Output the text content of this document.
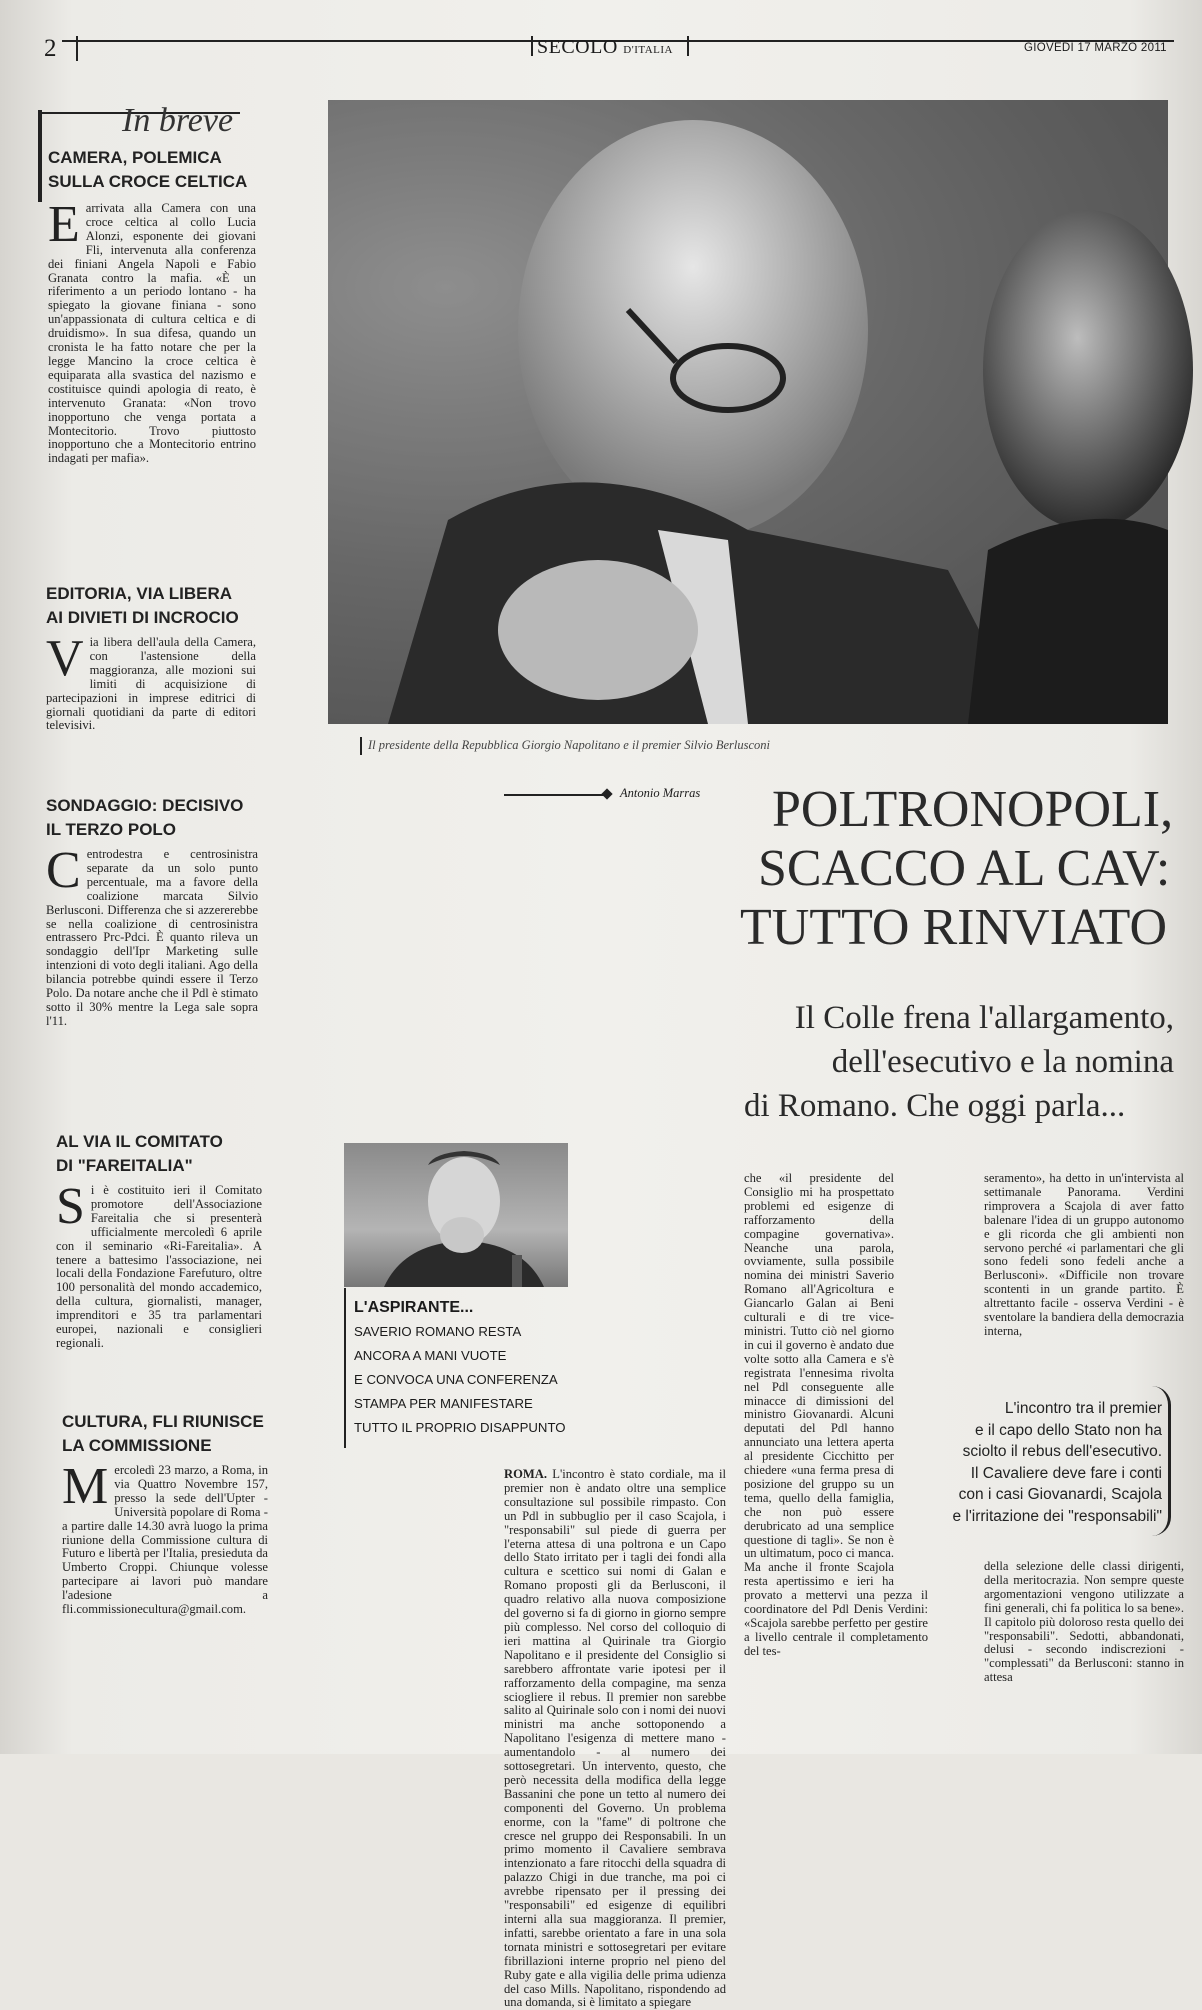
2	SECOLO D'ITALIA	GIOVEDÌ 17 MARZO 2011
In breve

CAMERA, POLEMICA
SULLA CROCE CELTICA

Earrivata alla Camera con una croce celtica al collo Lucia Alonzi, esponente dei giovani Fli, intervenuta alla conferenza dei finiani Angela Napoli e Fabio Granata contro la mafia. «È un riferimento a un periodo lontano - ha spiegato la giovane finiana - sono un'appassionata di cultura celtica e di druidismo». In sua difesa, quando un cronista le ha fatto notare che per la legge Mancino la croce celtica è equiparata alla svastica del nazismo e costituisce quindi apologia di reato, è intervenuto Granata: «Non trovo inopportuno che venga portata a Montecitorio. Trovo piuttosto inopportuno che a Montecitorio entrino indagati per mafia».

EDITORIA, VIA LIBERA
AI DIVIETI DI INCROCIO

Via libera dell'aula della Camera, con l'astensione della maggioranza, alle mozioni sui limiti di acquisizione di partecipazioni in imprese editrici di giornali quotidiani da parte di editori televisivi.

SONDAGGIO: DECISIVO
IL TERZO POLO

Centrodestra e centrosinistra separate da un solo punto percentuale, ma a favore della coalizione marcata Silvio Berlusconi. Differenza che si azzererebbe se nella coalizione di centrosinistra entrassero Prc-Pdci. È quanto rileva un sondaggio dell'Ipr Marketing sulle intenzioni di voto degli italiani. Ago della bilancia potrebbe quindi essere il Terzo Polo. Da notare anche che il Pdl è stimato sotto il 30% mentre la Lega sale sopra l'11.

AL VIA IL COMITATO
DI "FAREITALIA"

Si è costituito ieri il Comitato promotore dell'Associazione Fareitalia che si presenterà ufficialmente mercoledì 6 aprile con il seminario «Ri-Fareitalia». A tenere a battesimo l'associazione, nei locali della Fondazione Farefuturo, oltre 100 personalità del mondo accademico, della cultura, giornalisti, manager, imprenditori e 35 tra parlamentari europei, nazionali e consiglieri regionali.

CULTURA, FLI RIUNISCE
LA COMMISSIONE

Mercoledì 23 marzo, a Roma, in via Quattro Novembre 157, presso la sede dell'Upter - Università popolare di Roma - a partire dalle 14.30 avrà luogo la prima riunione della Commissione cultura di Futuro e libertà per l'Italia, presieduta da Umberto Croppi. Chiunque volesse partecipare ai lavori può mandare l'adesione a fli.commissionecultura@gmail.com.
Il presidente della Repubblica Giorgio Napolitano e il premier Silvio Berlusconi
Antonio Marras	POLTRONOPOLI,
SCACCO AL CAV:
TUTTO RINVIATO
Il Colle frena l'allargamento,
dell'esecutivo e la nomina
di Romano. Che oggi parla...
ROMA. L'incontro è stato cordiale, ma il premier non è andato oltre una semplice consultazione sul possibile rimpasto. Con un Pdl in subbuglio per il caso Scajola, i "responsabili" sul piede di guerra per l'eterna attesa di una poltrona e un Capo dello Stato irritato per i tagli dei fondi alla cultura e scettico sui nomi di Galan e Romano proposti gli da Berlusconi, il quadro relativo alla nuova composizione del governo si fa di giorno in giorno sempre più complesso. Nel corso del colloquio di ieri mattina al Quirinale tra Giorgio Napolitano e il presidente del Consiglio si sarebbero affrontate varie ipotesi per il rafforzamento della compagine, ma senza sciogliere il rebus. Il premier non sarebbe salito al Quirinale solo con i nomi dei nuovi ministri ma anche sottoponendo a Napolitano l'esigenza di mettere mano - aumentandolo - al numero dei sottosegretari. Un intervento, questo, che però necessita della modifica della legge Bassanini che pone un tetto al numero dei componenti del Governo. Un problema enorme, con la "fame" di poltrone che cresce nel gruppo dei Responsabili. In un primo momento il Cavaliere sembrava intenzionato a fare ritocchi della squadra di palazzo Chigi in due tranche, ma poi ci avrebbe ripensato per il pressing dei "responsabili" ed esigenze di equilibri interni alla sua maggioranza. Il premier, infatti, sarebbe orientato a fare in una sola tornata ministri e sottosegretari per evitare fibrillazioni interne proprio nel pieno del Ruby gate e alla vigilia delle prima udienza del caso Mills. Napolitano, rispondendo ad una domanda, si è limitato a spiegare
L'ASPIRANTE...
SAVERIO ROMANO RESTA
ANCORA A MANI VUOTE
E CONVOCA UNA CONFERENZA
STAMPA PER MANIFESTARE
TUTTO IL PROPRIO DISAPPUNTO
che «il presidente del Consiglio mi ha prospettato problemi ed esigenze di rafforzamento della compagine governativa». Neanche una parola, ovviamente, sulla possibile nomina dei ministri Saverio Romano all'Agricoltura e Giancarlo Galan ai Beni culturali e di tre vice-ministri. Tutto ciò nel giorno in cui il governo è andato due volte sotto alla Camera e s'è registrata l'ennesima rivolta nel Pdl conseguente alle minacce di dimissioni del ministro Giovanardi. Alcuni deputati del Pdl hanno annunciato una lettera aperta al presidente Cicchitto per chiedere «una ferma presa di posizione del gruppo su un tema, quello della famiglia, che non può essere derubricato ad una semplice questione di tagli». Se non è un ultimatum, poco ci manca. Ma anche il fronte Scajola resta apertissimo e ieri ha provato a mettervi una pezza il coordinatore del Pdl Denis Verdini: «Scajola sarebbe perfetto per gestire a livello centrale il completamento del tes-
seramento», ha detto in un'intervista al settimanale Panorama. Verdini rimprovera a Scajola di aver fatto balenare l'idea di un gruppo autonomo e gli ricorda che gli ambienti non servono perché «i parlamentari che gli sono fedeli sono fedeli anche a Berlusconi». «Difficile non trovare scontenti in un grande partito. È altrettanto facile - osserva Verdini - è sventolare la bandiera della democrazia interna,
L'incontro tra il premier
e il capo dello Stato non ha
sciolto il rebus dell'esecutivo.
Il Cavaliere deve fare i conti
con i casi Giovanardi, Scajola
e l'irritazione dei "responsabili"
della selezione delle classi dirigenti, della meritocrazia. Non sempre queste argomentazioni vengono utilizzate a fini generali, chi fa politica lo sa bene». Il capitolo più doloroso resta quello dei "responsabili". Sedotti, abbandonati, delusi - secondo indiscrezioni - "complessati" da Berlusconi: stanno in attesa
